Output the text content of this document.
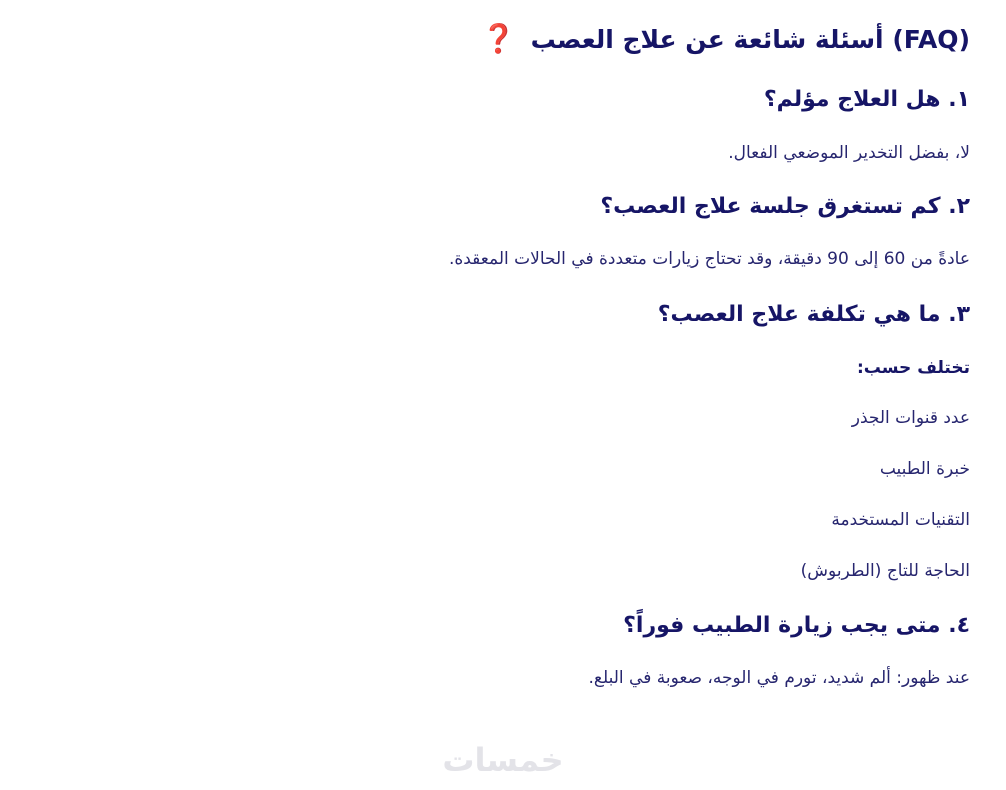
(FAQ) أسئلة شائعة عن علاج العصب ❓
١. هل العلاج مؤلم؟
لا، بفضل التخدير الموضعي الفعال.
٢. كم تستغرق جلسة علاج العصب؟
عادةً من 60 إلى 90 دقيقة، وقد تحتاج زيارات متعددة في الحالات المعقدة.
٣. ما هي تكلفة علاج العصب؟
تختلف حسب:
عدد قنوات الجذر
خبرة الطبيب
التقنيات المستخدمة
الحاجة للتاج (الطربوش)
٤. متى يجب زيارة الطبيب فوراً؟
عند ظهور: ألم شديد، تورم في الوجه، صعوبة في البلع.
خمسات
